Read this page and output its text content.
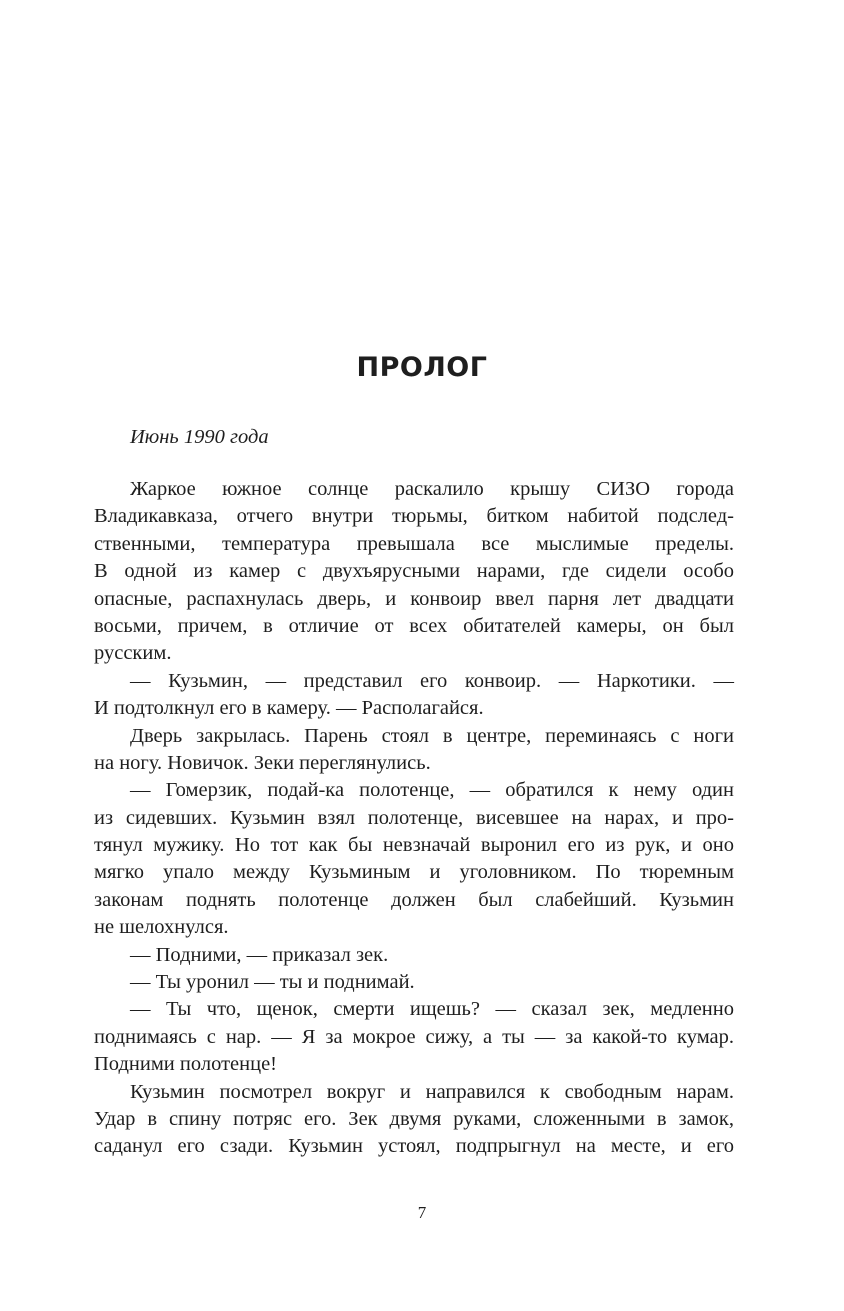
ПРОЛОГ

Июнь 1990 года

Жаркое южное солнце раскалило крышу СИЗО города
Владикавказа, отчего внутри тюрьмы, битком набитой подслед-
ственными, температура превышала все мыслимые пределы.
В одной из камер с двухъярусными нарами, где сидели особо
опасные, распахнулась дверь, и конвоир ввел парня лет двадцати
восьми, причем, в отличие от всех обитателей камеры, он был
русским.
— Кузьмин, — представил его конвоир. — Наркотики. —
И подтолкнул его в камеру. — Располагайся.
Дверь закрылась. Парень стоял в центре, переминаясь с ноги
на ногу. Новичок. Зеки переглянулись.
— Гомерзик, подай-ка полотенце, — обратился к нему один
из сидевших. Кузьмин взял полотенце, висевшее на нарах, и про-
тянул мужику. Но тот как бы невзначай выронил его из рук, и оно
мягко упало между Кузьминым и уголовником. По тюремным
законам поднять полотенце должен был слабейший. Кузьмин
не шелохнулся.
— Подними, — приказал зек.
— Ты уронил — ты и поднимай.
— Ты что, щенок, смерти ищешь? — сказал зек, медленно
поднимаясь с нар. — Я за мокрое сижу, а ты — за какой-то кумар.
Подними полотенце!
Кузьмин посмотрел вокруг и направился к свободным нарам.
Удар в спину потряс его. Зек двумя руками, сложенными в замок,
саданул его сзади. Кузьмин устоял, подпрыгнул на месте, и его

7
